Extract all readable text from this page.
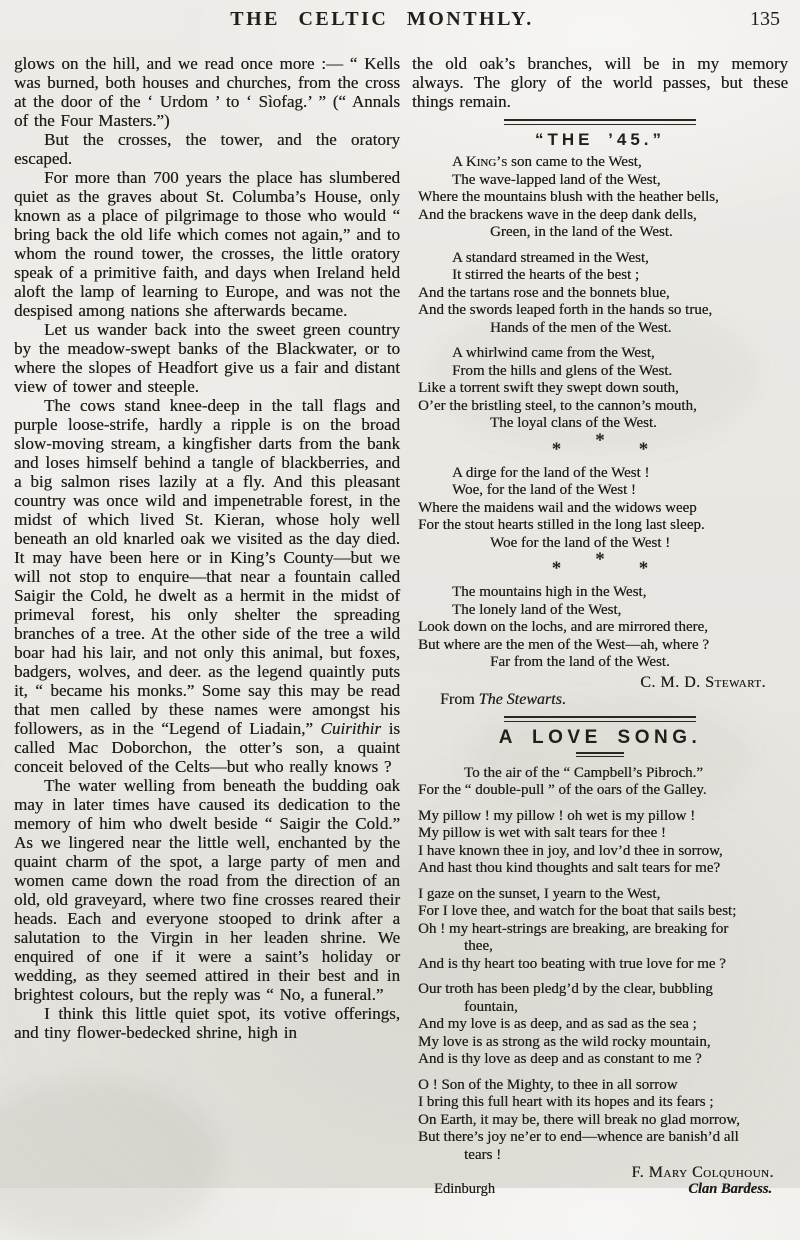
THE CELTIC MONTHLY.	135

glows on the hill, and we read once more :— “ Kells was burned, both houses and churches, from the cross at the door of the ‘ Urdom ’ to ‘ Sìofag.’ ” (“ Annals of the Four Masters.”)

But the crosses, the tower, and the oratory escaped.

For more than 700 years the place has slumbered quiet as the graves about St. Columba’s House, only known as a place of pilgrimage to those who would “ bring back the old life which comes not again,” and to whom the round tower, the crosses, the little oratory speak of a primitive faith, and days when Ireland held aloft the lamp of learning to Europe, and was not the despised among nations she afterwards became.

Let us wander back into the sweet green country by the meadow-swept banks of the Blackwater, or to where the slopes of Headfort give us a fair and distant view of tower and steeple.

The cows stand knee-deep in the tall flags and purple loose-strife, hardly a ripple is on the broad slow-moving stream, a kingfisher darts from the bank and loses himself behind a tangle of blackberries, and a big salmon rises lazily at a fly. And this pleasant country was once wild and impenetrable forest, in the midst of which lived St. Kieran, whose holy well beneath an old knarled oak we visited as the day died. It may have been here or in King’s County—but we will not stop to enquire—that near a fountain called Saigir the Cold, he dwelt as a hermit in the midst of primeval forest, his only shelter the spreading branches of a tree. At the other side of the tree a wild boar had his lair, and not only this animal, but foxes, badgers, wolves, and deer. as the legend quaintly puts it, “ became his monks.” Some say this may be read that men called by these names were amongst his followers, as in the “Legend of Liadain,” Cuirithir is called Mac Doborchon, the otter’s son, a quaint conceit beloved of the Celts—but who really knows ?

The water welling from beneath the budding oak may in later times have caused its dedication to the memory of him who dwelt beside “ Saigir the Cold.” As we lingered near the little well, enchanted by the quaint charm of the spot, a large party of men and women came down the road from the direction of an old, old graveyard, where two fine crosses reared their heads. Each and everyone stooped to drink after a salutation to the Virgin in her leaden shrine. We enquired of one if it were a saint’s holiday or wedding, as they seemed attired in their best and in brightest colours, but the reply was “ No, a funeral.”

I think this little quiet spot, its votive offerings, and tiny flower-bedecked shrine, high in

the old oak’s branches, will be in my memory always. The glory of the world passes, but these things remain.

“THE ’45.”
A King’s son came to the West,
The wave-lapped land of the West,
Where the mountains blush with the heather bells,
And the brackens wave in the deep dank dells,
Green, in the land of the West.
A standard streamed in the West,
It stirred the hearts of the best ;
And the tartans rose and the bonnets blue,
And the swords leaped forth in the hands so true,
Hands of the men of the West.
A whirlwind came from the West,
From the hills and glens of the West.
Like a torrent swift they swept down south,
O’er the bristling steel, to the cannon’s mouth,
The loyal clans of the West.
* * *
A dirge for the land of the West !
Woe, for the land of the West !
Where the maidens wail and the widows weep
For the stout hearts stilled in the long last sleep.
Woe for the land of the West !
* * *
The mountains high in the West,
The lonely land of the West,
Look down on the lochs, and are mirrored there,
But where are the men of the West—ah, where ?
Far from the land of the West.
C. M. D. Stewart.
From The Stewarts.
A LOVE SONG.
To the air of the “ Campbell’s Pibroch.”
For the “ double-pull ” of the oars of the Galley.
My pillow ! my pillow ! oh wet is my pillow !
My pillow is wet with salt tears for thee !
I have known thee in joy, and lov’d thee in sorrow,
And hast thou kind thoughts and salt tears for me?
I gaze on the sunset, I yearn to the West,
For I love thee, and watch for the boat that sails best;
Oh ! my heart-strings are breaking, are breaking for
thee,
And is thy heart too beating with true love for me ?
Our troth has been pledg’d by the clear, bubbling
fountain,
And my love is as deep, and as sad as the sea ;
My love is as strong as the wild rocky mountain,
And is thy love as deep and as constant to me ?
O ! Son of the Mighty, to thee in all sorrow
I bring this full heart with its hopes and its fears ;
On Earth, it may be, there will break no glad morrow,
But there’s joy ne’er to end—whence are banish’d all
tears !
F. Mary Colquhoun.
Edinburgh	Clan Bardess.
